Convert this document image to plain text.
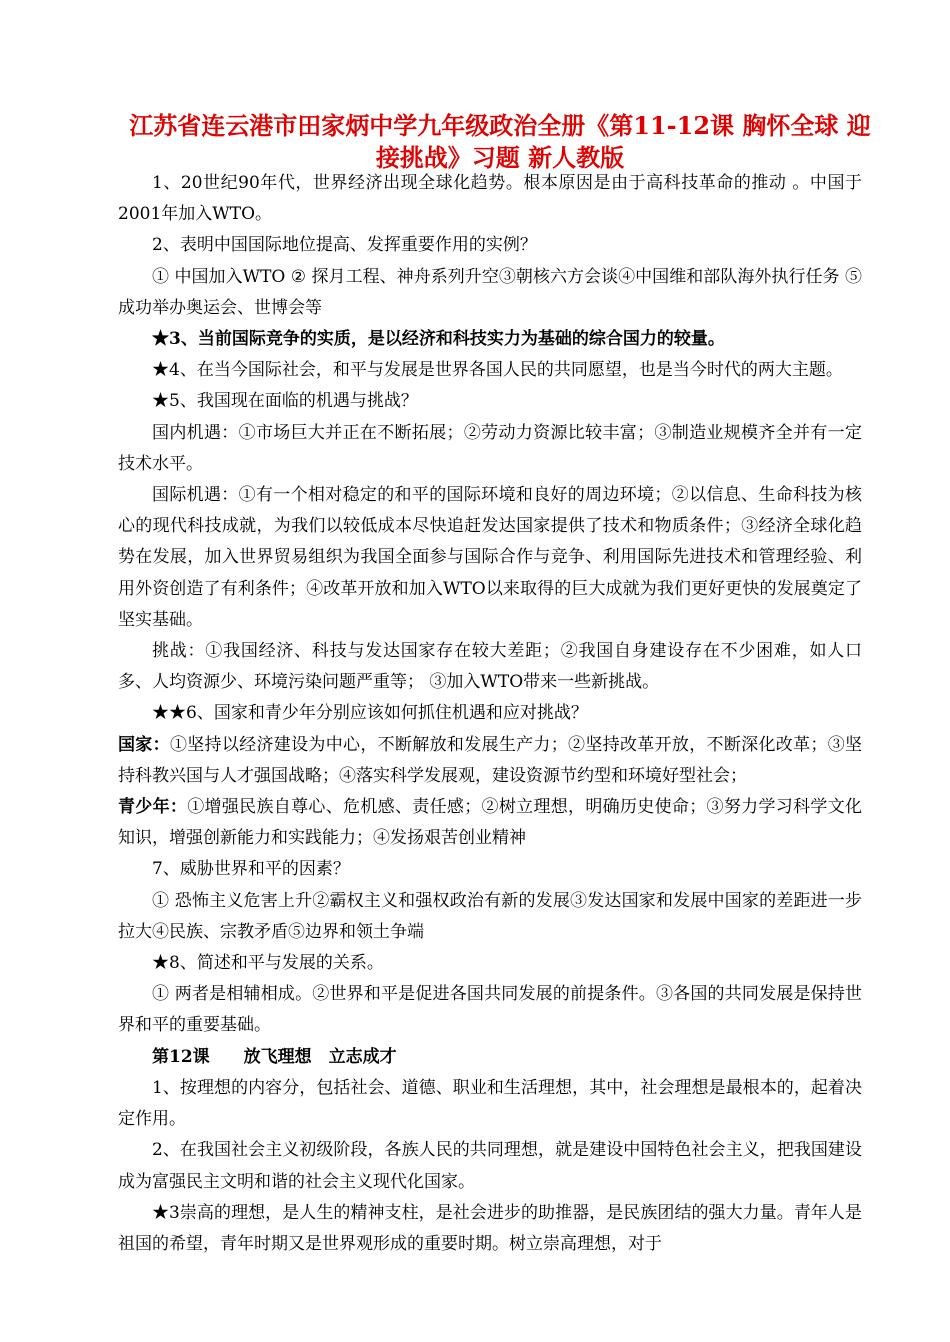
江苏省连云港市田家炳中学九年级政治全册《第11-12课 胸怀全球 迎接挑战》习题 新人教版

1、20世纪90年代，世界经济出现全球化趋势。根本原因是由于高科技革命的推动 。中国于2001年加入WTO。

2、表明中国国际地位提高、发挥重要作用的实例？

① 中国加入WTO ② 探月工程、神舟系列升空③朝核六方会谈④中国维和部队海外执行任务 ⑤成功举办奥运会、世博会等

★3、当前国际竞争的实质，是以经济和科技实力为基础的综合国力的较量。

★4、在当今国际社会，和平与发展是世界各国人民的共同愿望，也是当今时代的两大主题。

★5、我国现在面临的机遇与挑战？

国内机遇：①市场巨大并正在不断拓展；②劳动力资源比较丰富；③制造业规模齐全并有一定技术水平。

国际机遇：①有一个相对稳定的和平的国际环境和良好的周边环境；②以信息、生命科技为核心的现代科技成就，为我们以较低成本尽快追赶发达国家提供了技术和物质条件；③经济全球化趋势在发展，加入世界贸易组织为我国全面参与国际合作与竞争、利用国际先进技术和管理经验、利用外资创造了有利条件；④改革开放和加入WTO以来取得的巨大成就为我们更好更快的发展奠定了坚实基础。

挑战：①我国经济、科技与发达国家存在较大差距；②我国自身建设存在不少困难，如人口多、人均资源少、环境污染问题严重等； ③加入WTO带来一些新挑战。

★★6、国家和青少年分别应该如何抓住机遇和应对挑战？

国家：①坚持以经济建设为中心，不断解放和发展生产力；②坚持改革开放，不断深化改革；③坚持科教兴国与人才强国战略；④落实科学发展观，建设资源节约型和环境好型社会；

青少年：①增强民族自尊心、危机感、责任感；②树立理想，明确历史使命；③努力学习科学文化知识，增强创新能力和实践能力；④发扬艰苦创业精神

7、威胁世界和平的因素？

① 恐怖主义危害上升②霸权主义和强权政治有新的发展③发达国家和发展中国家的差距进一步拉大④民族、宗教矛盾⑤边界和领土争端

★8、简述和平与发展的关系。

① 两者是相辅相成。②世界和平是促进各国共同发展的前提条件。③各国的共同发展是保持世界和平的重要基础。

第12课　　放飞理想　立志成才

1、按理想的内容分，包括社会、道德、职业和生活理想，其中，社会理想是最根本的，起着决定作用。

2、在我国社会主义初级阶段，各族人民的共同理想，就是建设中国特色社会主义，把我国建设成为富强民主文明和谐的社会主义现代化国家。

★3崇高的理想，是人生的精神支柱，是社会进步的助推器，是民族团结的强大力量。青年人是祖国的希望，青年时期又是世界观形成的重要时期。树立崇高理想，对于
